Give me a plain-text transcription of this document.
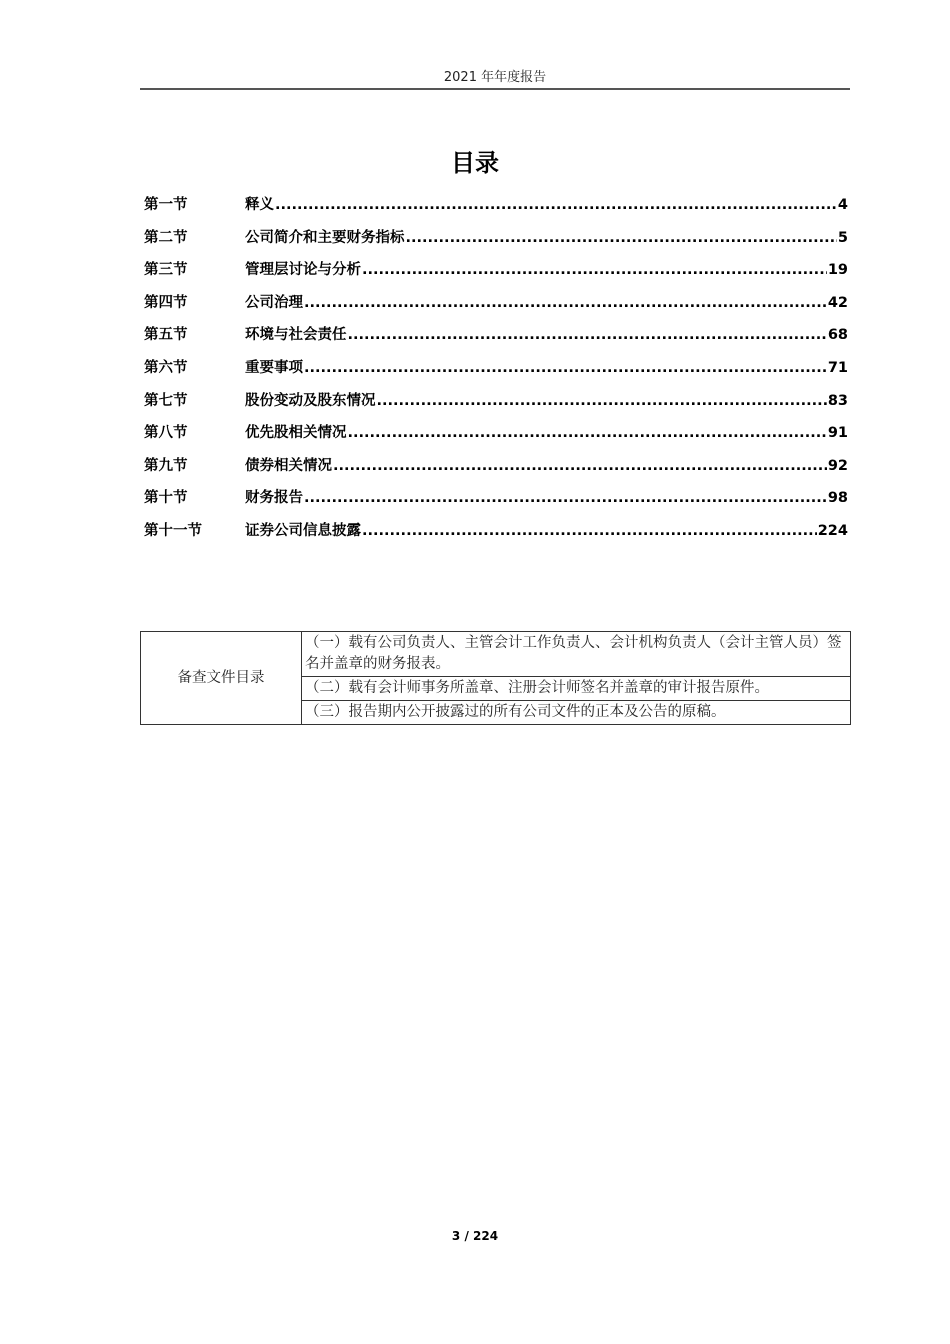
2021 年年度报告
目录
第一节	释义 .....	4
第二节	公司简介和主要财务指标 .....	5
第三节	管理层讨论与分析 .....	19
第四节	公司治理 .....	42
第五节	环境与社会责任 .....	68
第六节	重要事项 .....	71
第七节	股份变动及股东情况 .....	83
第八节	优先股相关情况 .....	91
第九节	债券相关情况 .....	92
第十节	财务报告 .....	98
第十一节	证券公司信息披露 .....	224
备查文件目录	（一）载有公司负责人、主管会计工作负责人、会计机构负责人（会计主管人员）签名并盖章的财务报表。
（二）载有会计师事务所盖章、注册会计师签名并盖章的审计报告原件。
（三）报告期内公开披露过的所有公司文件的正本及公告的原稿。
3 / 224
